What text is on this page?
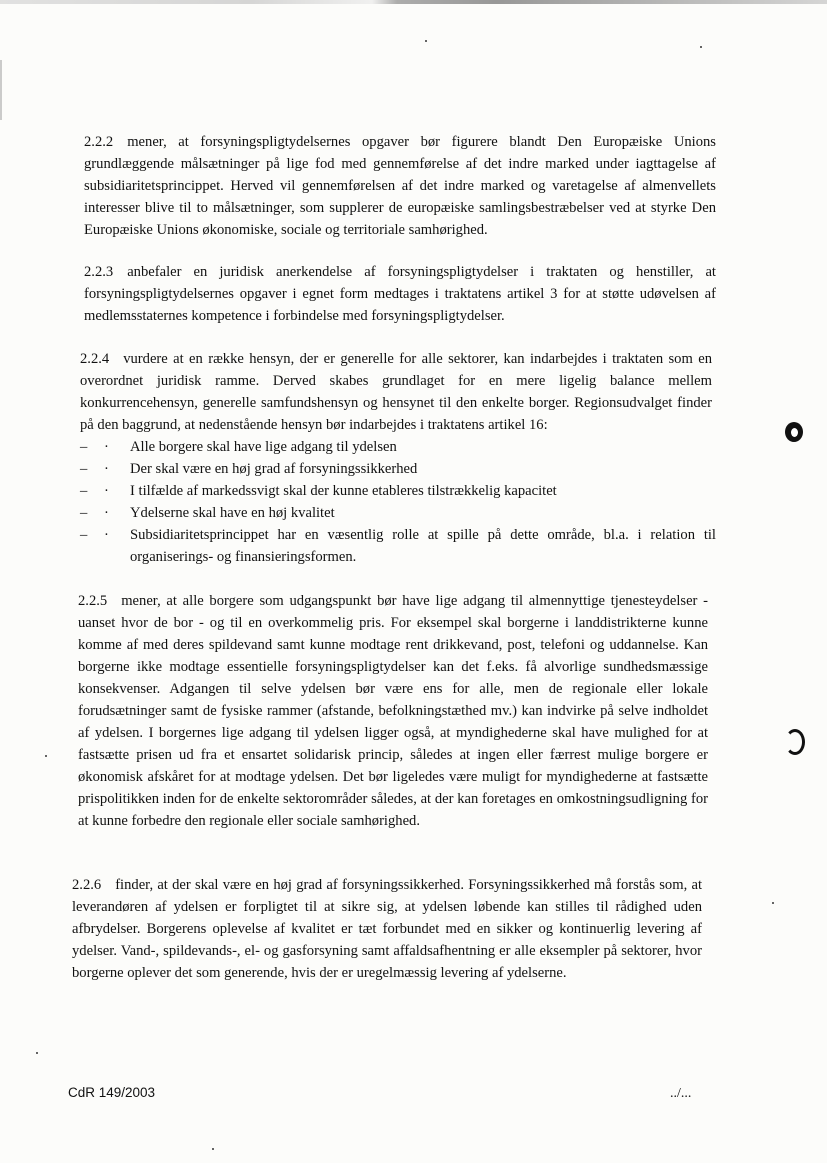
2.2.2 mener, at forsyningspligtydelsernes opgaver bør figurere blandt Den Europæiske Unions grundlæggende målsætninger på lige fod med gennemførelse af det indre marked under iagttagelse af subsidiaritetsprincippet. Herved vil gennemførelsen af det indre marked og varetagelse af almenvellets interesser blive til to målsætninger, som supplerer de europæiske samlingsbestræbelser ved at styrke Den Europæiske Unions økonomiske, sociale og territoriale samhørighed.

2.2.3 anbefaler en juridisk anerkendelse af forsyningspligtydelser i traktaten og henstiller, at forsyningspligtydelsernes opgaver i egnet form medtages i traktatens artikel 3 for at støtte udøvelsen af medlemsstaternes kompetence i forbindelse med forsyningspligtydelser.

2.2.4 vurdere at en række hensyn, der er generelle for alle sektorer, kan indarbejdes i traktaten som en overordnet juridisk ramme. Derved skabes grundlaget for en mere ligelig balance mellem konkurrencehensyn, generelle samfundshensyn og hensynet til den enkelte borger. Regionsudvalget finder på den baggrund, at nedenstående hensyn bør indarbejdes i traktatens artikel 16:

– · Alle borgere skal have lige adgang til ydelsen
– · Der skal være en høj grad af forsyningssikkerhed
– · I tilfælde af markedssvigt skal der kunne etableres tilstrækkelig kapacitet
– · Ydelserne skal have en høj kvalitet
– · Subsidiaritetsprincippet har en væsentlig rolle at spille på dette område, bl.a. i relation til organiserings- og finansieringsformen.

2.2.5 mener, at alle borgere som udgangspunkt bør have lige adgang til almennyttige tjenesteydelser - uanset hvor de bor - og til en overkommelig pris. For eksempel skal borgerne i landdistrikterne kunne komme af med deres spildevand samt kunne modtage rent drikkevand, post, telefoni og uddannelse. Kan borgerne ikke modtage essentielle forsyningspligtydelser kan det f.eks. få alvorlige sundhedsmæssige konsekvenser. Adgangen til selve ydelsen bør være ens for alle, men de regionale eller lokale forudsætninger samt de fysiske rammer (afstande, befolkningstæthed mv.) kan indvirke på selve indholdet af ydelsen. I borgernes lige adgang til ydelsen ligger også, at myndighederne skal have mulighed for at fastsætte prisen ud fra et ensartet solidarisk princip, således at ingen eller færrest mulige borgere er økonomisk afskåret for at modtage ydelsen. Det bør ligeledes være muligt for myndighederne at fastsætte prispolitikken inden for de enkelte sektorområder således, at der kan foretages en omkostningsudligning for at kunne forbedre den regionale eller sociale samhørighed.

2.2.6 finder, at der skal være en høj grad af forsyningssikkerhed. Forsyningssikkerhed må forstås som, at leverandøren af ydelsen er forpligtet til at sikre sig, at ydelsen løbende kan stilles til rådighed uden afbrydelser. Borgerens oplevelse af kvalitet er tæt forbundet med en sikker og kontinuerlig levering af ydelser. Vand-, spildevands-, el- og gasforsyning samt affaldsafhentning er alle eksempler på sektorer, hvor borgerne oplever det som generende, hvis der er uregelmæssig levering af ydelserne.

CdR 149/2003	../...
